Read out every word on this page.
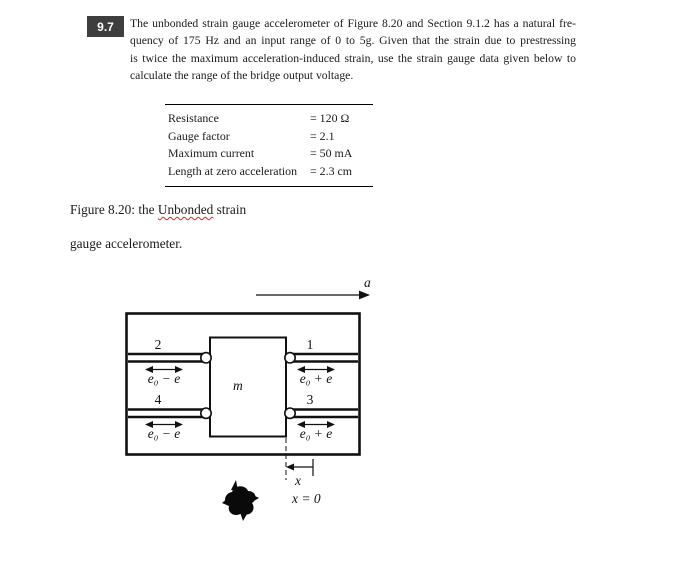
9.7	The unbonded strain gauge accelerometer of Figure 8.20 and Section 9.1.2 has a natural fre-
quency of 175 Hz and an input range of 0 to 5g. Given that the strain due to prestressing
is twice the maximum acceleration-induced strain, use the strain gauge data given below to
calculate the range of the bridge output voltage.
Resistance	= 120 Ω
Gauge factor	= 2.1
Maximum current	= 50 mA
Length at zero acceleration	= 2.3 cm
Figure 8.20: the Unbonded strain
gauge accelerometer.
a
m
2	1
4	3
e₀ − e	e₀ + e
e₀ − e	e₀ + e
x
x = 0
